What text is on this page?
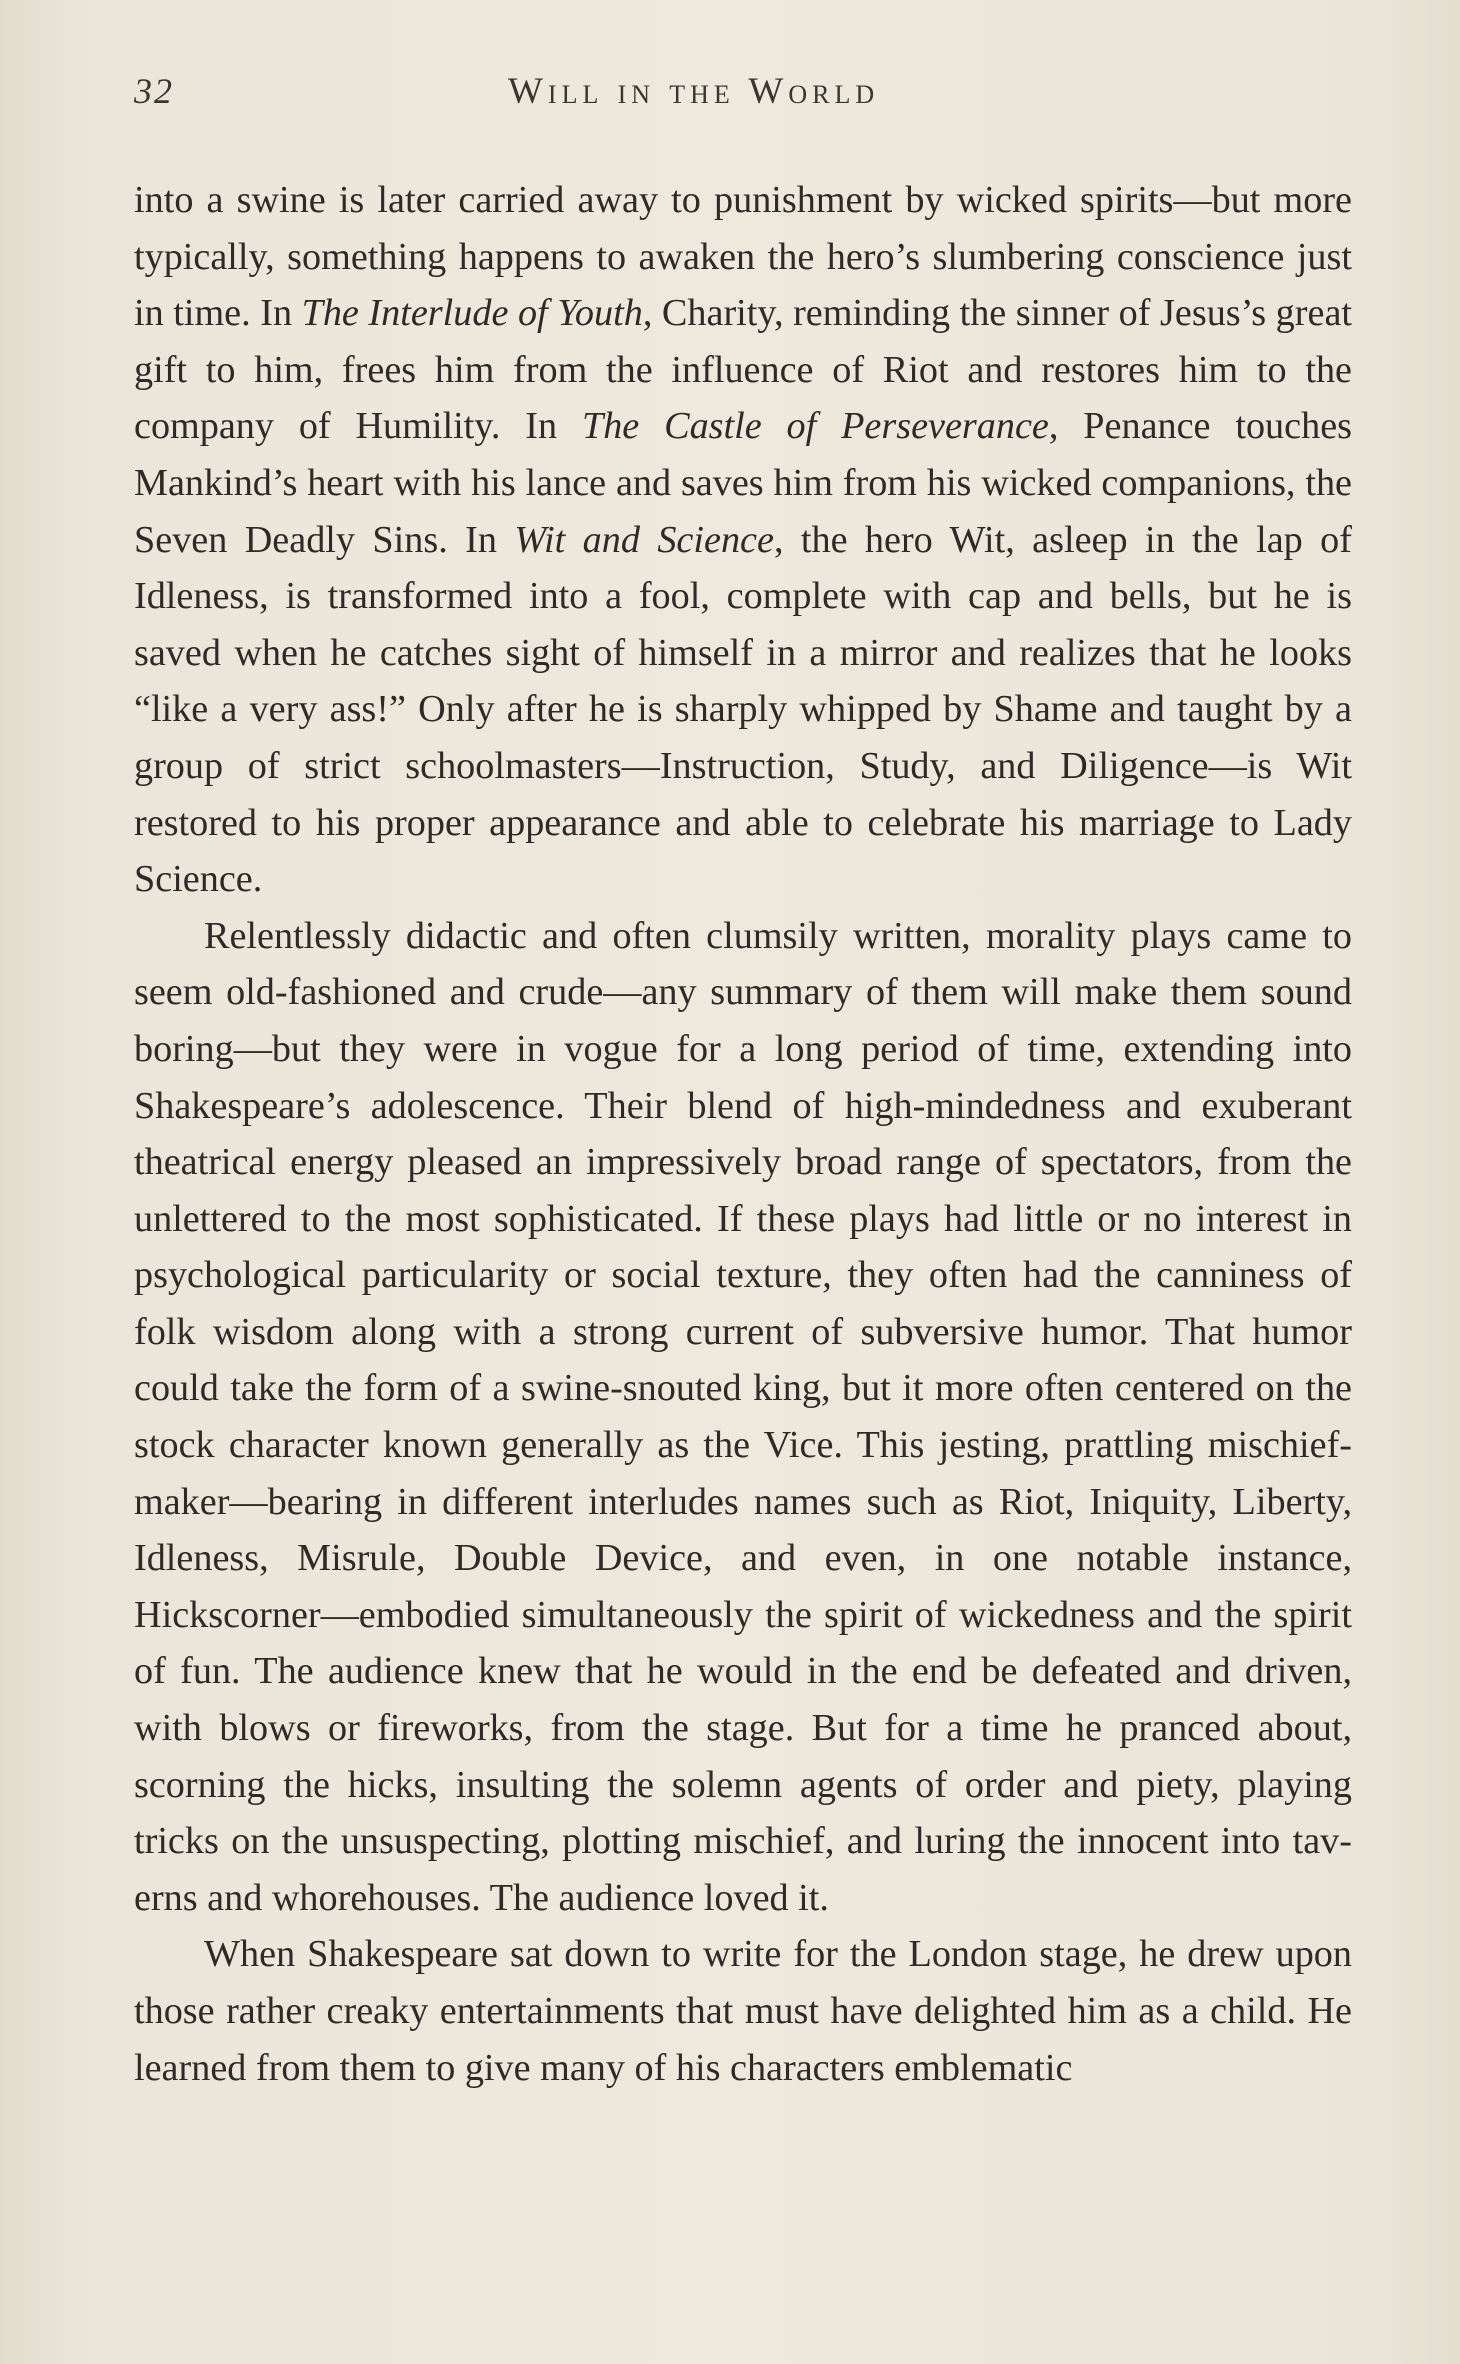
32	Will in the World

into a swine is later carried away to punishment by wicked spirits—but more typically, something happens to awaken the hero’s slumbering conscience just in time. In The Interlude of Youth, Charity, reminding the sinner of Jesus’s great gift to him, frees him from the influence of Riot and restores him to the company of Humility. In The Castle of Perseverance, Penance touches Mankind’s heart with his lance and saves him from his wicked companions, the Seven Deadly Sins. In Wit and Science, the hero Wit, asleep in the lap of Idleness, is transformed into a fool, complete with cap and bells, but he is saved when he catches sight of himself in a mirror and realizes that he looks “like a very ass!” Only after he is sharply whipped by Shame and taught by a group of strict schoolmasters—Instruction, Study, and Diligence—is Wit restored to his proper appearance and able to celebrate his marriage to Lady Science.

Relentlessly didactic and often clumsily written, morality plays came to seem old-fashioned and crude—any summary of them will make them sound boring—but they were in vogue for a long period of time, extending into Shakespeare’s adolescence. Their blend of high-mindedness and exuberant theatrical energy pleased an impressively broad range of spectators, from the unlettered to the most sophisticated. If these plays had little or no interest in psychological particularity or social texture, they often had the canniness of folk wisdom along with a strong current of subversive humor. That humor could take the form of a swine-snouted king, but it more often centered on the stock character known generally as the Vice. This jesting, prattling mischief-maker—bearing in different interludes names such as Riot, Iniquity, Liberty, Idleness, Misrule, Double Device, and even, in one notable instance, Hickscorner—embodied simultaneously the spirit of wickedness and the spirit of fun. The audience knew that he would in the end be defeated and driven, with blows or fireworks, from the stage. But for a time he pranced about, scorning the hicks, insulting the solemn agents of order and piety, playing tricks on the unsuspecting, plotting mischief, and luring the innocent into taverns and whorehouses. The audience loved it.

When Shakespeare sat down to write for the London stage, he drew upon those rather creaky entertainments that must have delighted him as a child. He learned from them to give many of his characters emblematic
